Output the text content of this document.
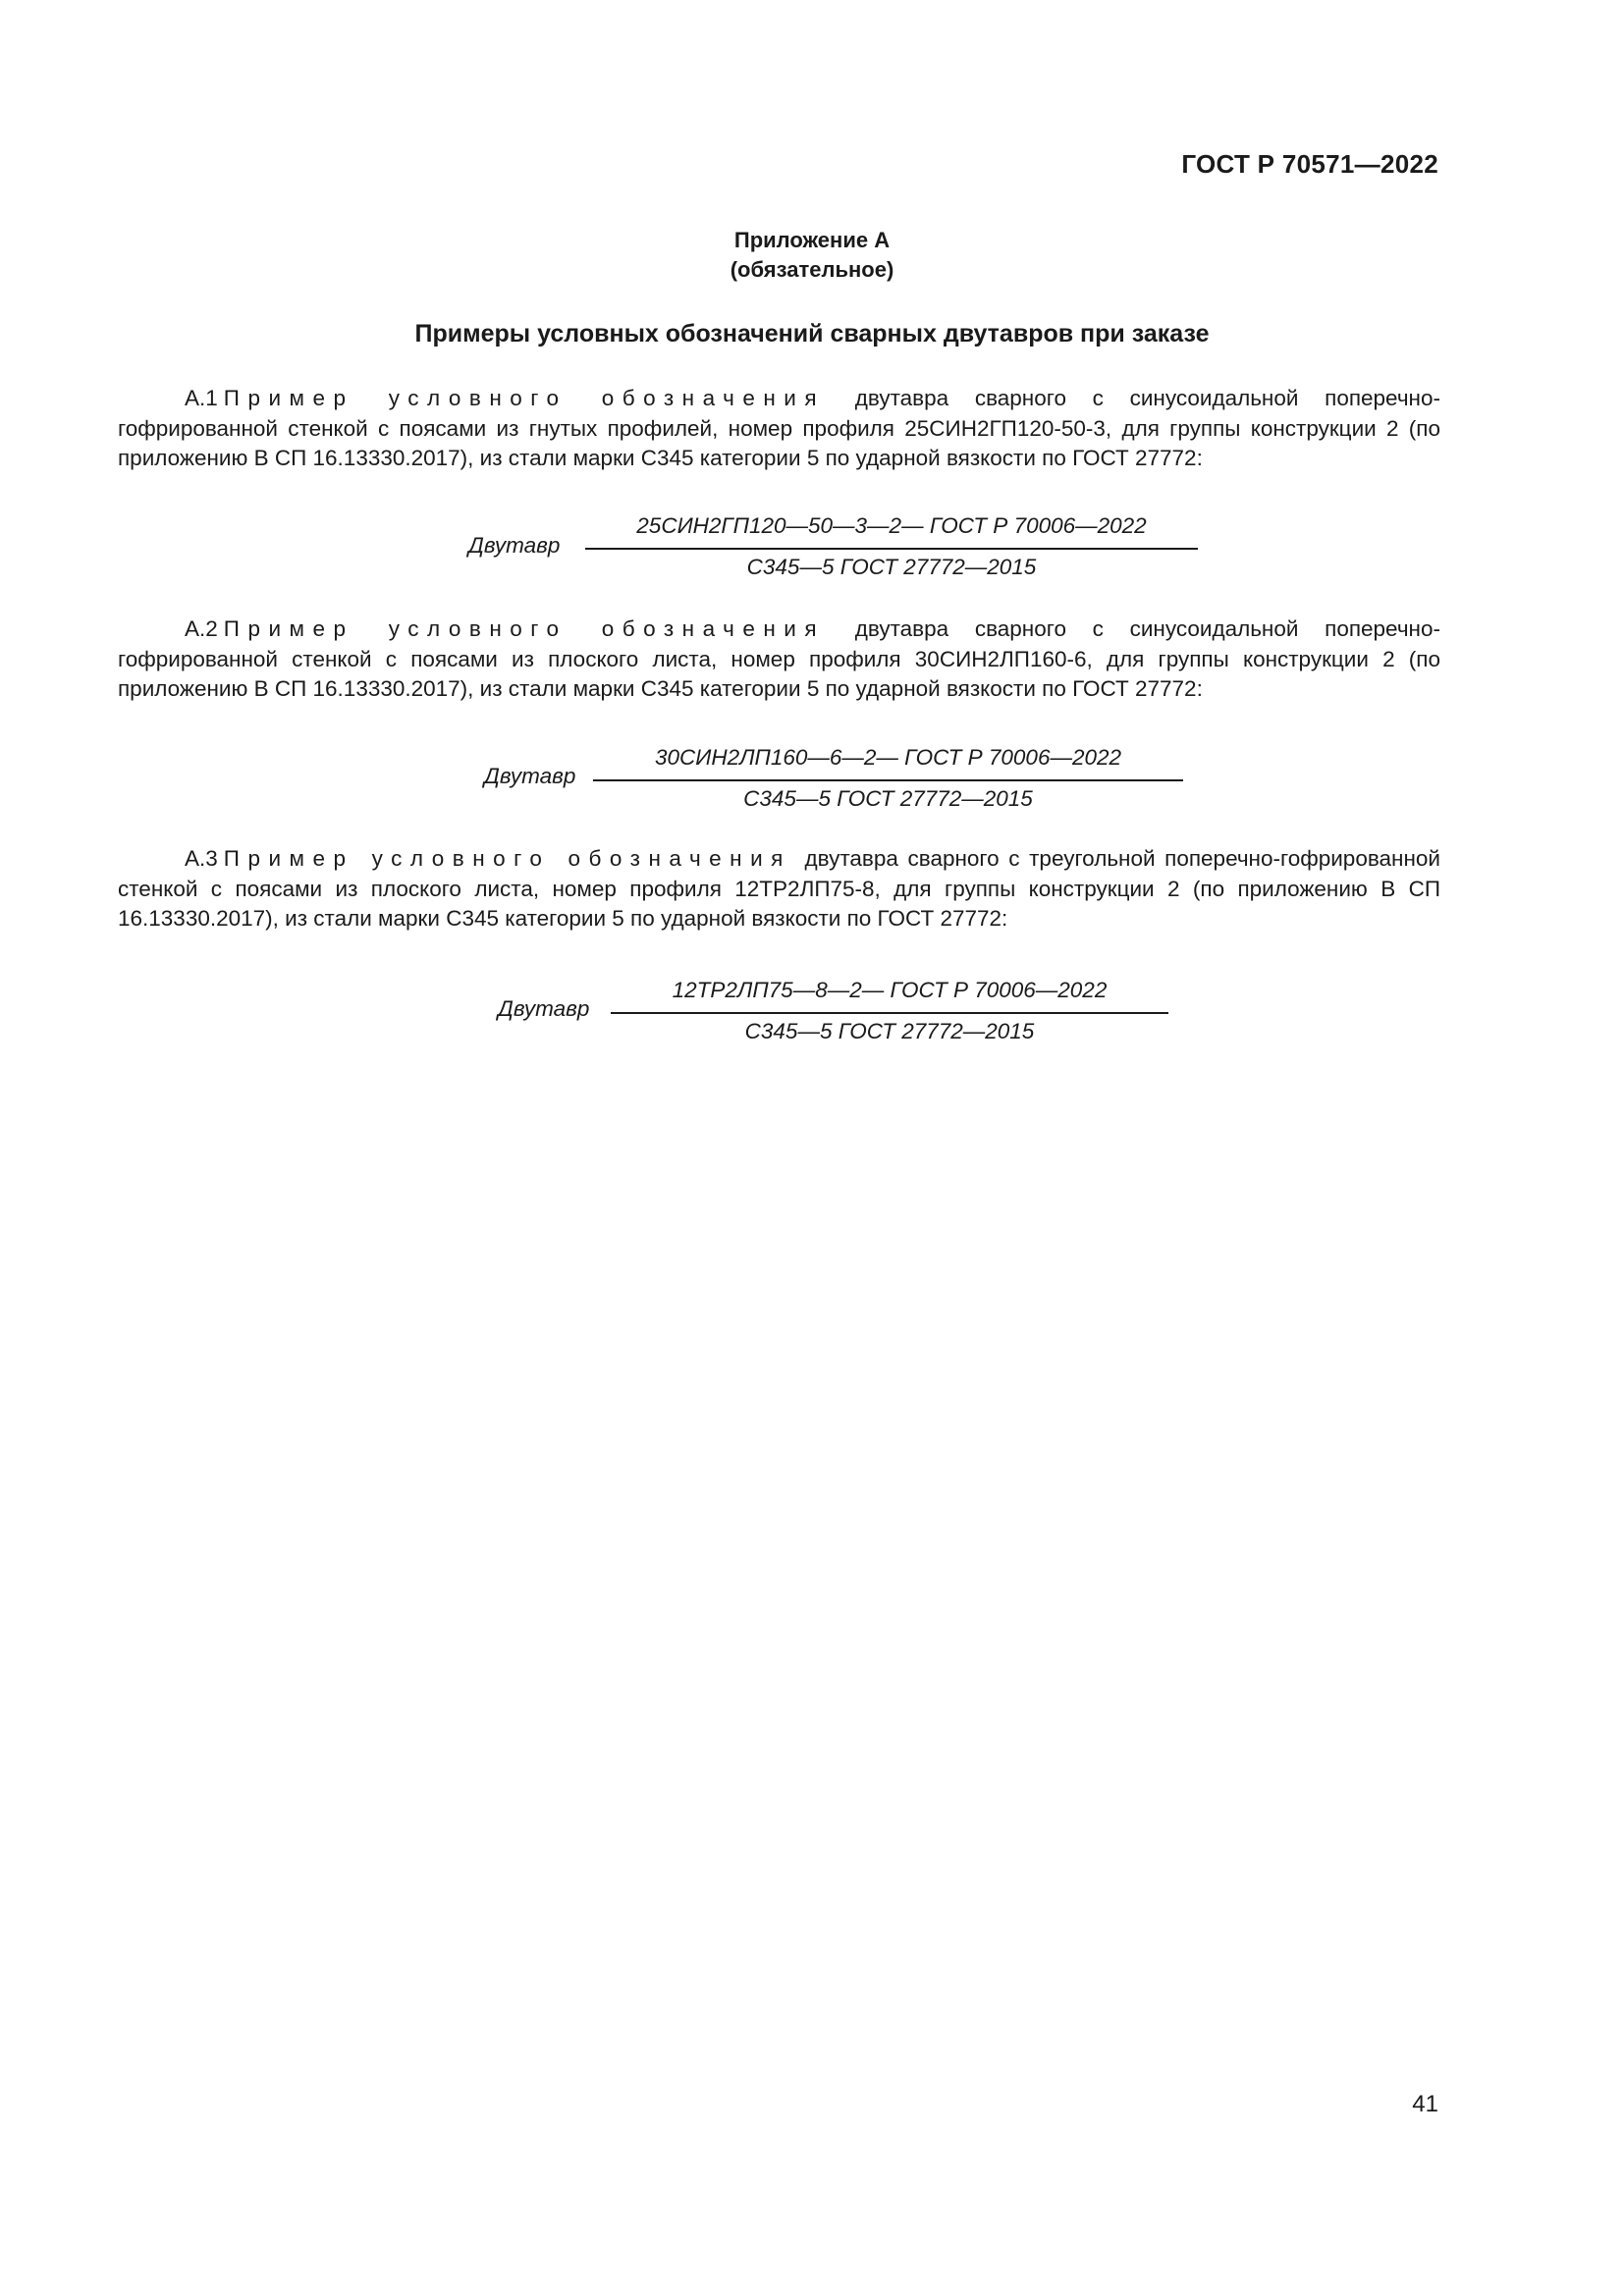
ГОСТ Р 70571—2022
Приложение А
(обязательное)
Примеры условных обозначений сварных двутавров при заказе
А.1 Пример условного обозначения двутавра сварного с синусоидальной поперечно-гофрированной стенкой с поясами из гнутых профилей, номер профиля 25СИН2ГП120-50-3, для группы конструкции 2 (по приложению В СП 16.13330.2017), из стали марки С345 категории 5 по ударной вязкости по ГОСТ 27772:
Двутавр
25СИН2ГП120—50—3—2— ГОСТ Р 70006—2022
С345—5 ГОСТ 27772—2015
А.2 Пример условного обозначения двутавра сварного с синусоидальной поперечно-гофрированной стенкой с поясами из плоского листа, номер профиля 30СИН2ЛП160-6, для группы конструкции 2 (по приложению В СП 16.13330.2017), из стали марки С345 категории 5 по ударной вязкости по ГОСТ 27772:
Двутавр
30СИН2ЛП160—6—2— ГОСТ Р 70006—2022
С345—5 ГОСТ 27772—2015
А.3 Пример условного обозначения двутавра сварного с треугольной поперечно-гофрированной стенкой с поясами из плоского листа, номер профиля 12ТР2ЛП75-8, для группы конструкции 2 (по приложению В СП 16.13330.2017), из стали марки С345 категории 5 по ударной вязкости по ГОСТ 27772:
Двутавр
12ТР2ЛП75—8—2— ГОСТ Р 70006—2022
С345—5 ГОСТ 27772—2015
41
